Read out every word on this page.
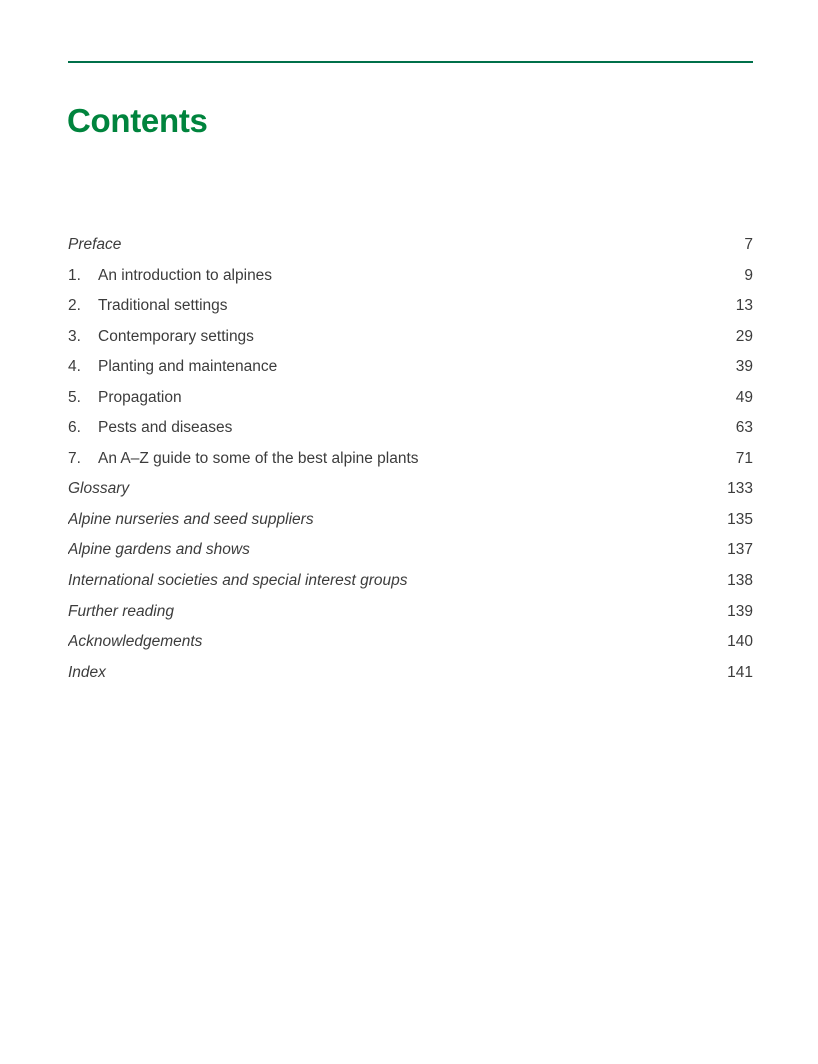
Contents
Preface	7
1.	An introduction to alpines	9
2.	Traditional settings	13
3.	Contemporary settings	29
4.	Planting and maintenance	39
5.	Propagation	49
6.	Pests and diseases	63
7.	An A–Z guide to some of the best alpine plants	71
Glossary	133
Alpine nurseries and seed suppliers	135
Alpine gardens and shows	137
International societies and special interest groups	138
Further reading	139
Acknowledgements	140
Index	141
